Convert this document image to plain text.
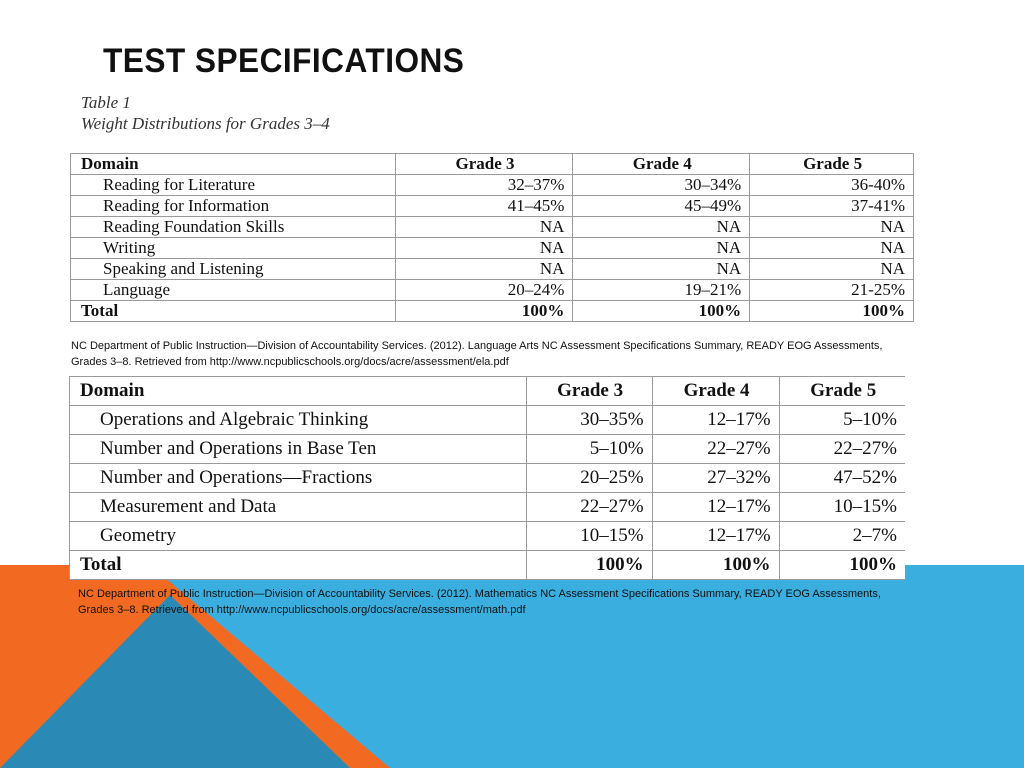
TEST SPECIFICATIONS
Table 1
Weight Distributions for Grades 3–4
Domain	Grade 3	Grade 4	Grade 5
Reading for Literature	32–37%	30–34%	36-40%
Reading for Information	41–45%	45–49%	37-41%
Reading Foundation Skills	NA	NA	NA
Writing	NA	NA	NA
Speaking and Listening	NA	NA	NA
Language	20–24%	19–21%	21-25%
Total	100%	100%	100%

NC Department of Public Instruction—Division of Accountability Services. (2012). Language Arts NC Assessment Specifications Summary, READY EOG Assessments, Grades 3–8. Retrieved from http://www.ncpublicschools.org/docs/acre/assessment/ela.pdf

Domain	Grade 3	Grade 4	Grade 5
Operations and Algebraic Thinking	30–35%	12–17%	5–10%
Number and Operations in Base Ten	5–10%	22–27%	22–27%
Number and Operations—Fractions	20–25%	27–32%	47–52%
Measurement and Data	22–27%	12–17%	10–15%
Geometry	10–15%	12–17%	2–7%
Total	100%	100%	100%

NC Department of Public Instruction—Division of Accountability Services. (2012). Mathematics NC Assessment Specifications Summary, READY EOG Assessments, Grades 3–8. Retrieved from http://www.ncpublicschools.org/docs/acre/assessment/math.pdf
